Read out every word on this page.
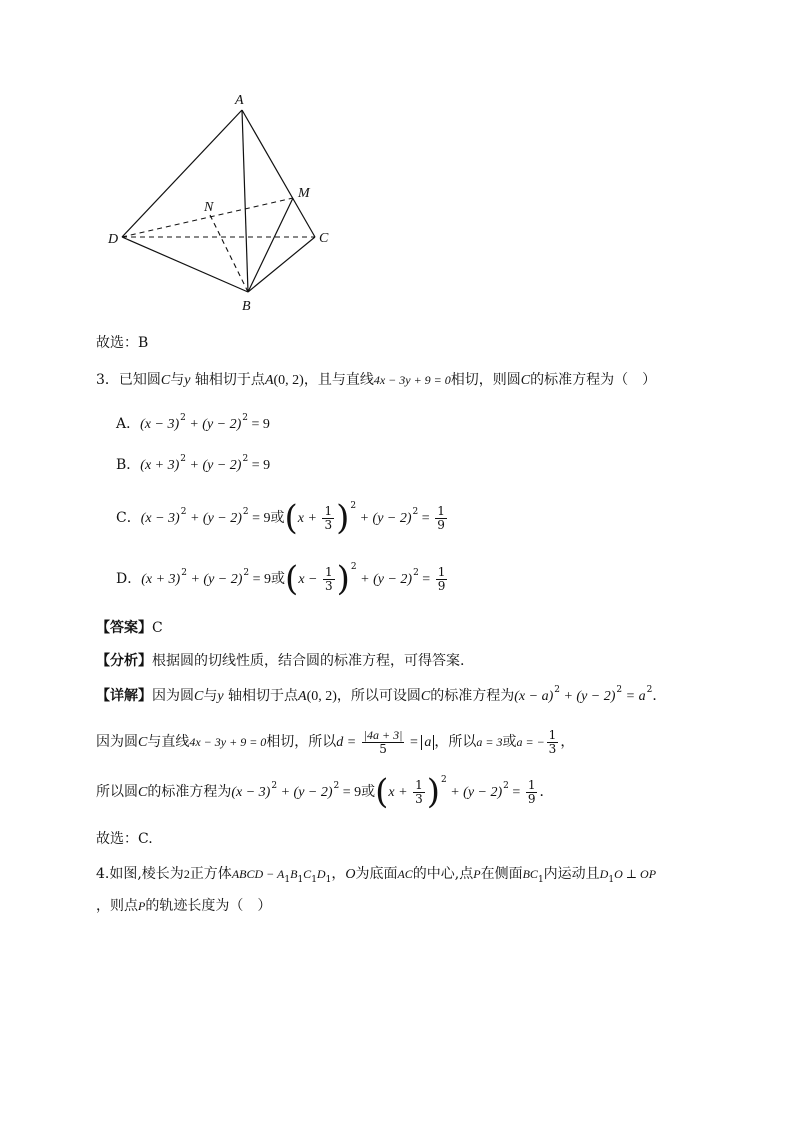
A
M
N
D	C
B
故选：B
3．已知圆C与y 轴相切于点A(0, 2)，且与直线4x − 3y + 9 = 0相切，则圆C的标准方程为（　）
A．$(x - 3)^2 + (y - 2)^2 = 9$
B．$(x + 3)^2 + (y - 2)^2 = 9$
C．$(x - 3)^2 + (y - 2)^2 = 9$或$(x + \frac{1}{3} )^2 + (y - 2)^2 = \frac{1}{9}$
D．$(x + 3)^2 + (y - 2)^2 = 9$或$(x - \frac{1}{3} )^2 + (y - 2)^2 = \frac{1}{9}$
【答案】C
【分析】根据圆的切线性质，结合圆的标准方程，可得答案.
【详解】因为圆C与y 轴相切于点A(0, 2)，所以可设圆C的标准方程为$(x - a)^2 + (y - 2)^2 = a^2$．
因为圆C与直线4x − 3y + 9 = 0相切，所以$d = \frac{|4a + 3|}{5} = a$ ，所以a = 3或a = − $\frac{1}{3}$ ，
所以圆C的标准方程为$(x - 3)^2 + (y - 2)^2 = 9$或$(x + \frac{1}{3} )^2 + (y - 2)^2 = \frac{1}{9}$ ．
故选：C.
4.如图,棱长为2正方体ABCD − $A_1B_1C_1D_1$，O为底面AC的中心,点P在侧面$BC_1$内运动且$D_1O$ ⊥ OP
，则点P的轨迹长度为（　）
